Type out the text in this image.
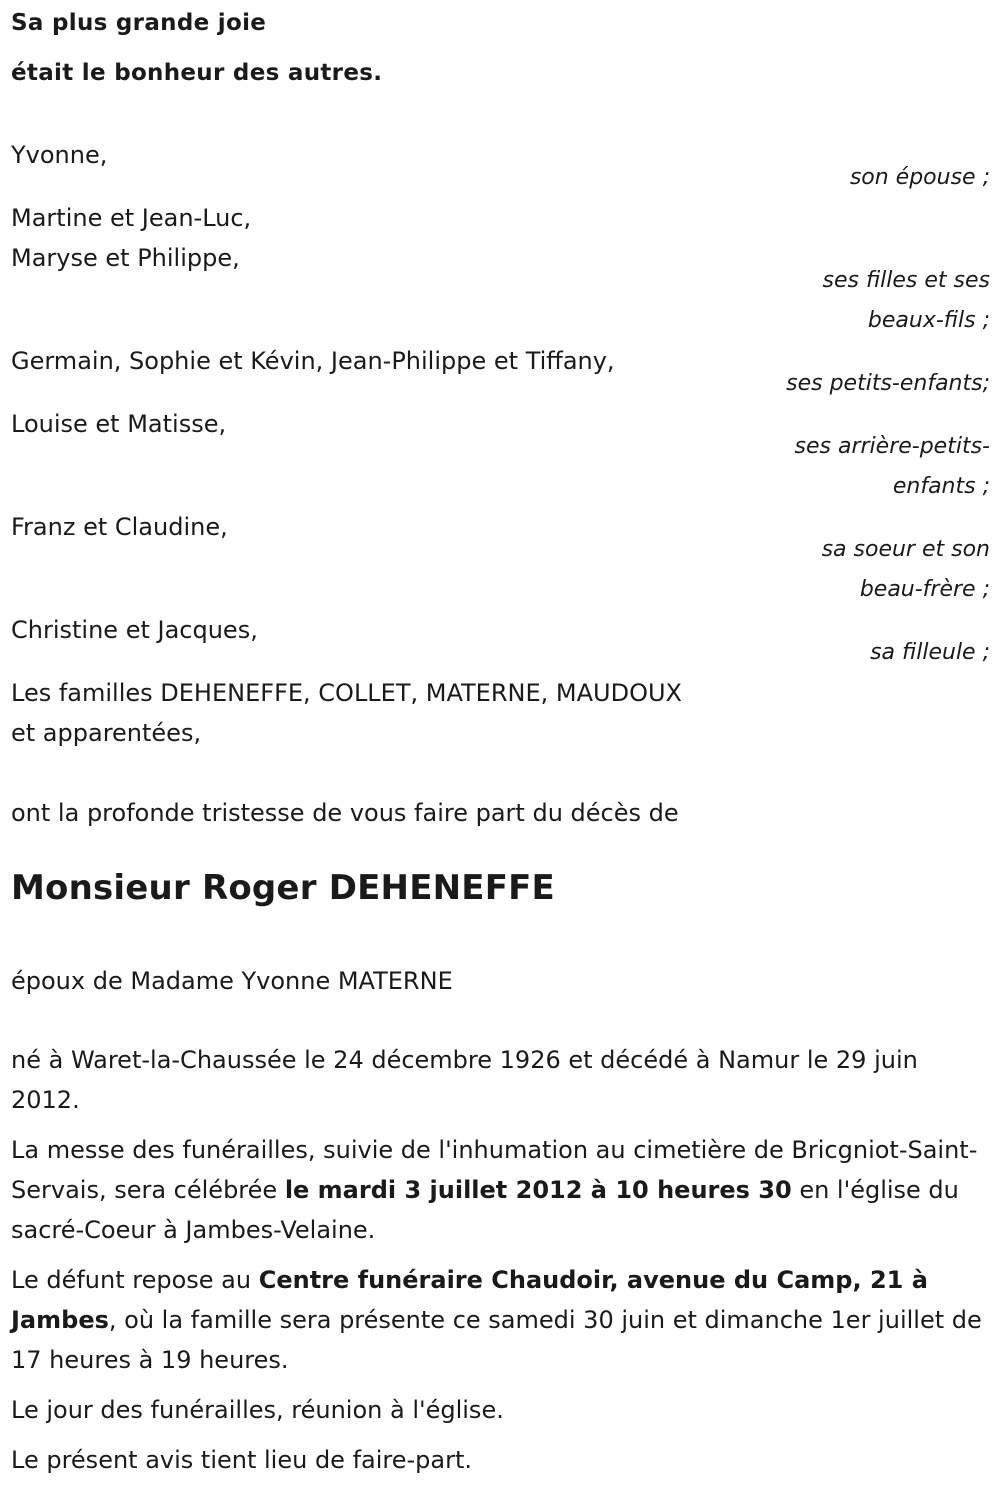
Sa plus grande joie
était le bonheur des autres.
Yvonne,
son épouse ;
Martine et Jean-Luc,
Maryse et Philippe,
ses filles et ses
beaux-fils ;
Germain, Sophie et Kévin, Jean-Philippe et Tiffany,
ses petits-enfants;
Louise et Matisse,
ses arrière-petits-
enfants ;
Franz et Claudine,
sa soeur et son
beau-frère ;
Christine et Jacques,
sa filleule ;
Les familles DEHENEFFE, COLLET, MATERNE, MAUDOUX
et apparentées,
ont la profonde tristesse de vous faire part du décès de
Monsieur Roger DEHENEFFE
époux de Madame Yvonne MATERNE
né à Waret-la-Chaussée le 24 décembre 1926 et décédé à Namur le 29 juin 2012.
La messe des funérailles, suivie de l'inhumation au cimetière de Bricgniot-Saint-Servais, sera célébrée le mardi 3 juillet 2012 à 10 heures 30 en l'église du sacré-Coeur à Jambes-Velaine.
Le défunt repose au Centre funéraire Chaudoir, avenue du Camp, 21 à Jambes, où la famille sera présente ce samedi 30 juin et dimanche 1er juillet de 17 heures à 19 heures.
Le jour des funérailles, réunion à l'église.
Le présent avis tient lieu de faire-part.
